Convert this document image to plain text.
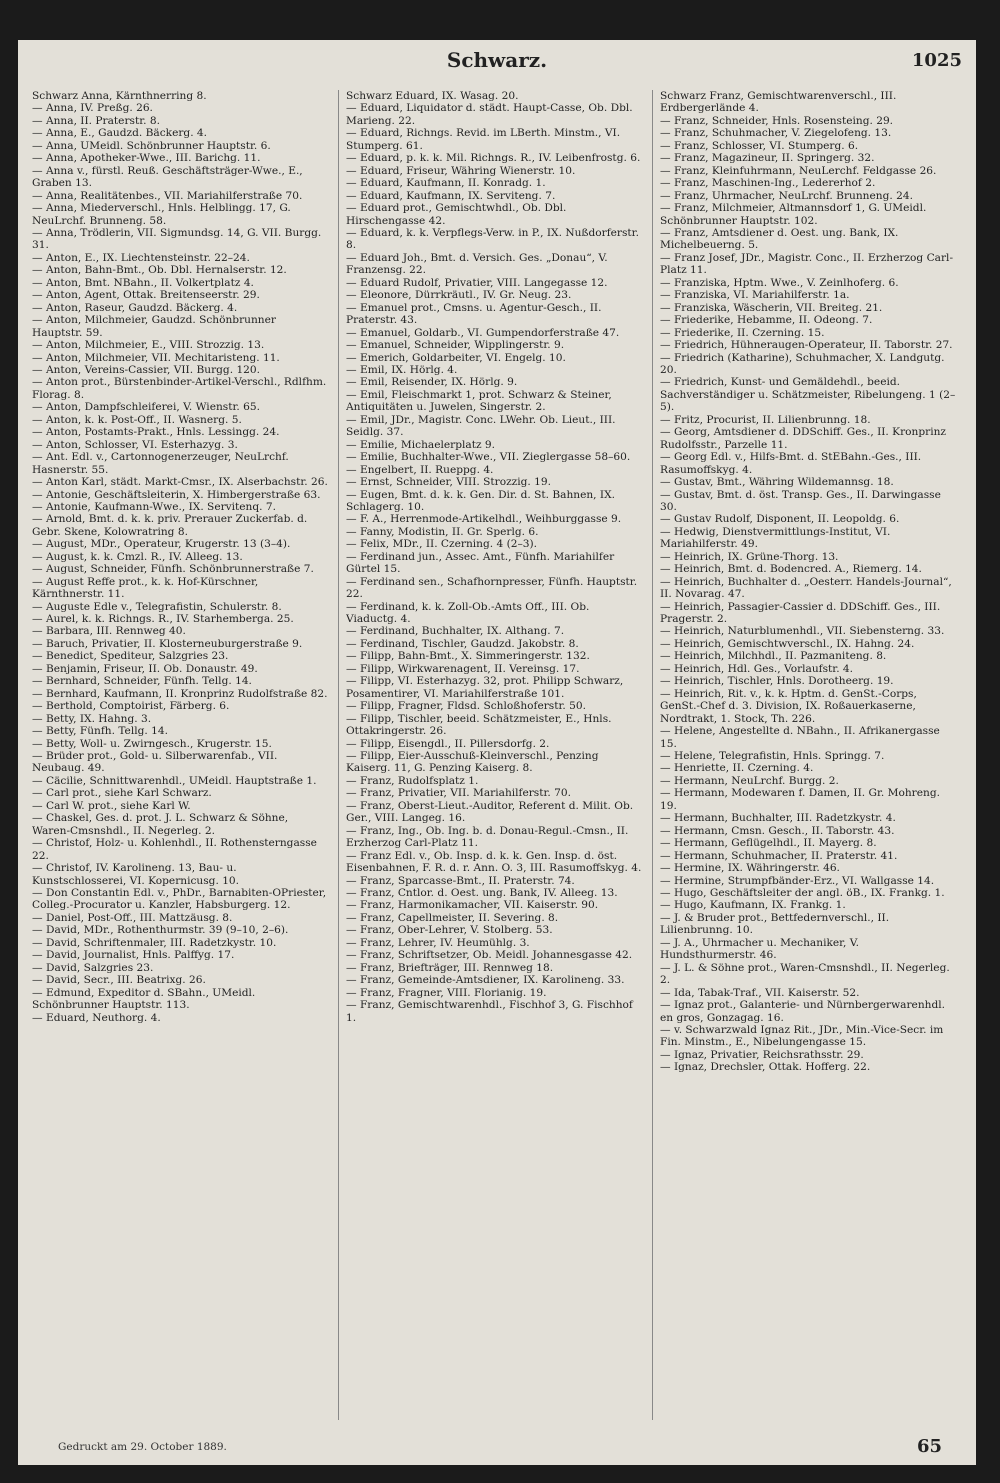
Schwarz.	1025

Schwarz Anna, Kärnthnerring 8.

— Anna, IV. Preßg. 26.

— Anna, II. Praterstr. 8.

— Anna, E., Gaudzd. Bäckerg. 4.

— Anna, UMeidl. Schönbrunner Hauptstr. 6.

— Anna, Apotheker-Wwe., III. Barichg. 11.

— Anna v., fürstl. Reuß. Geschäftsträger-Wwe., E., Graben 13.

— Anna, Realitätenbes., VII. Mariahilferstraße 70.

— Anna, Miederverschl., Hnls. Helblingg. 17, G. NeuLrchf. Brunneng. 58.

— Anna, Trödlerin, VII. Sigmundsg. 14, G. VII. Burgg. 31.

— Anton, E., IX. Liechtensteinstr. 22–24.

— Anton, Bahn-Bmt., Ob. Dbl. Hernalserstr. 12.

— Anton, Bmt. NBahn., II. Volkertplatz 4.

— Anton, Agent, Ottak. Breitenseerstr. 29.

— Anton, Raseur, Gaudzd. Bäckerg. 4.

— Anton, Milchmeier, Gaudzd. Schönbrunner Hauptstr. 59.

— Anton, Milchmeier, E., VIII. Strozzig. 13.

— Anton, Milchmeier, VII. Mechitaristeng. 11.

— Anton, Vereins-Cassier, VII. Burgg. 120.

— Anton prot., Bürstenbinder-Artikel-Verschl., Rdlfhm. Florag. 8.

— Anton, Dampfschleiferei, V. Wienstr. 65.

— Anton, k. k. Post-Off., II. Wasnerg. 5.

— Anton, Postamts-Prakt., Hnls. Lessingg. 24.

— Anton, Schlosser, VI. Esterhazyg. 3.

— Ant. Edl. v., Cartonnogenerzeuger, NeuLrchf. Hasnerstr. 55.

— Anton Karl, städt. Markt-Cmsr., IX. Alserbachstr. 26.

— Antonie, Geschäftsleiterin, X. Himbergerstraße 63.

— Antonie, Kaufmann-Wwe., IX. Servitenq. 7.

— Arnold, Bmt. d. k. k. priv. Prerauer Zuckerfab. d. Gebr. Skene, Kolowratring 8.

— August, MDr., Operateur, Krugerstr. 13 (3–4).

— August, k. k. Cmzl. R., IV. Alleeg. 13.

— August, Schneider, Fünfh. Schönbrunnerstraße 7.

— August Reffe prot., k. k. Hof-Kürschner, Kärnthnerstr. 11.

— Auguste Edle v., Telegrafistin, Schulerstr. 8.

— Aurel, k. k. Richngs. R., IV. Starhemberga. 25.

— Barbara, III. Rennweg 40.

— Baruch, Privatier, II. Klosterneuburgerstraße 9.

— Benedict, Spediteur, Salzgries 23.

— Benjamin, Friseur, II. Ob. Donaustr. 49.

— Bernhard, Schneider, Fünfh. Tellg. 14.

— Bernhard, Kaufmann, II. Kronprinz Rudolfstraße 82.

— Berthold, Comptoirist, Färberg. 6.

— Betty, IX. Hahng. 3.

— Betty, Fünfh. Tellg. 14.

— Betty, Woll- u. Zwirngesch., Krugerstr. 15.

— Brüder prot., Gold- u. Silberwarenfab., VII. Neubaug. 49.

— Cäcilie, Schnittwarenhdl., UMeidl. Hauptstraße 1.

— Carl prot., siehe Karl Schwarz.

— Carl W. prot., siehe Karl W.

— Chaskel, Ges. d. prot. J. L. Schwarz & Söhne, Waren-Cmsnshdl., II. Negerleg. 2.

— Christof, Holz- u. Kohlenhdl., II. Rothensterngasse 22.

— Christof, IV. Karolineng. 13, Bau- u. Kunstschlosserei, VI. Kopernicusg. 10.

— Don Constantin Edl. v., PhDr., Barnabiten-OPriester, Colleg.-Procurator u. Kanzler, Habsburgerg. 12.

— Daniel, Post-Off., III. Mattzäusg. 8.

— David, MDr., Rothenthurmstr. 39 (9–10, 2–6).

— David, Schriftenmaler, III. Radetzkystr. 10.

— David, Journalist, Hnls. Palffyg. 17.

— David, Salzgries 23.

— David, Secr., III. Beatrixg. 26.

— Edmund, Expeditor d. SBahn., UMeidl. Schönbrunner Hauptstr. 113.

— Eduard, Neuthorg. 4.

Schwarz Eduard, IX. Wasag. 20.

— Eduard, Liquidator d. städt. Haupt-Casse, Ob. Dbl. Marieng. 22.

— Eduard, Richngs. Revid. im LBerth. Minstm., VI. Stumperg. 61.

— Eduard, p. k. k. Mil. Richngs. R., IV. Leibenfrostg. 6.

— Eduard, Friseur, Währing Wienerstr. 10.

— Eduard, Kaufmann, II. Konradg. 1.

— Eduard, Kaufmann, IX. Serviteng. 7.

— Eduard prot., Gemischtwhdl., Ob. Dbl. Hirschengasse 42.

— Eduard, k. k. Verpflegs-Verw. in P., IX. Nußdorferstr. 8.

— Eduard Joh., Bmt. d. Versich. Ges. „Donau“, V. Franzensg. 22.

— Eduard Rudolf, Privatier, VIII. Langegasse 12.

— Eleonore, Dürrkräutl., IV. Gr. Neug. 23.

— Emanuel prot., Cmsns. u. Agentur-Gesch., II. Praterstr. 43.

— Emanuel, Goldarb., VI. Gumpendorferstraße 47.

— Emanuel, Schneider, Wipplingerstr. 9.

— Emerich, Goldarbeiter, VI. Engelg. 10.

— Emil, IX. Hörlg. 4.

— Emil, Reisender, IX. Hörlg. 9.

— Emil, Fleischmarkt 1, prot. Schwarz & Steiner, Antiquitäten u. Juwelen, Singerstr. 2.

— Emil, JDr., Magistr. Conc. LWehr. Ob. Lieut., III. Seidlg. 37.

— Emilie, Michaelerplatz 9.

— Emilie, Buchhalter-Wwe., VII. Zieglergasse 58–60.

— Engelbert, II. Rueppg. 4.

— Ernst, Schneider, VIII. Strozzig. 19.

— Eugen, Bmt. d. k. k. Gen. Dir. d. St. Bahnen, IX. Schlagerg. 10.

— F. A., Herrenmode-Artikelhdl., Weihburggasse 9.

— Fanny, Modistin, II. Gr. Sperlg. 6.

— Felix, MDr., II. Czerning. 4 (2–3).

— Ferdinand jun., Assec. Amt., Fünfh. Mariahilfer Gürtel 15.

— Ferdinand sen., Schafhornpresser, Fünfh. Hauptstr. 22.

— Ferdinand, k. k. Zoll-Ob.-Amts Off., III. Ob. Viaductg. 4.

— Ferdinand, Buchhalter, IX. Althang. 7.

— Ferdinand, Tischler, Gaudzd. Jakobstr. 8.

— Filipp, Bahn-Bmt., X. Simmeringerstr. 132.

— Filipp, Wirkwarenagent, II. Vereinsg. 17.

— Filipp, VI. Esterhazyg. 32, prot. Philipp Schwarz, Posamentirer, VI. Mariahilferstraße 101.

— Filipp, Fragner, Fldsd. Schloßhoferstr. 50.

— Filipp, Tischler, beeid. Schätzmeister, E., Hnls. Ottakringerstr. 26.

— Filipp, Eisengdl., II. Pillersdorfg. 2.

— Filipp, Eier-Ausschuß-Kleinverschl., Penzing Kaiserg. 11, G. Penzing Kaiserg. 8.

— Franz, Rudolfsplatz 1.

— Franz, Privatier, VII. Mariahilferstr. 70.

— Franz, Oberst-Lieut.-Auditor, Referent d. Milit. Ob. Ger., VIII. Langeg. 16.

— Franz, Ing., Ob. Ing. b. d. Donau-Regul.-Cmsn., II. Erzherzog Carl-Platz 11.

— Franz Edl. v., Ob. Insp. d. k. k. Gen. Insp. d. öst. Eisenbahnen, F. R. d. r. Ann. O. 3, III. Rasumoffskyg. 4.

— Franz, Sparcasse-Bmt., II. Praterstr. 74.

— Franz, Cntlor. d. Oest. ung. Bank, IV. Alleeg. 13.

— Franz, Harmonikamacher, VII. Kaiserstr. 90.

— Franz, Capellmeister, II. Severing. 8.

— Franz, Ober-Lehrer, V. Stolberg. 53.

— Franz, Lehrer, IV. Heumühlg. 3.

— Franz, Schriftsetzer, Ob. Meidl. Johannesgasse 42.

— Franz, Briefträger, III. Rennweg 18.

— Franz, Gemeinde-Amtsdiener, IX. Karolineng. 33.

— Franz, Fragner, VIII. Florianig. 19.

— Franz, Gemischtwarenhdl., Fischhof 3, G. Fischhof 1.

Schwarz Franz, Gemischtwarenverschl., III. Erdbergerlände 4.

— Franz, Schneider, Hnls. Rosensteing. 29.

— Franz, Schuhmacher, V. Ziegelofeng. 13.

— Franz, Schlosser, VI. Stumperg. 6.

— Franz, Magazineur, II. Springerg. 32.

— Franz, Kleinfuhrmann, NeuLerchf. Feldgasse 26.

— Franz, Maschinen-Ing., Ledererhof 2.

— Franz, Uhrmacher, NeuLrchf. Brunneng. 24.

— Franz, Milchmeier, Altmannsdorf 1, G. UMeidl. Schönbrunner Hauptstr. 102.

— Franz, Amtsdiener d. Oest. ung. Bank, IX. Michelbeuerng. 5.

— Franz Josef, JDr., Magistr. Conc., II. Erzherzog Carl-Platz 11.

— Franziska, Hptm. Wwe., V. Zeinlhoferg. 6.

— Franziska, VI. Mariahilferstr. 1a.

— Franziska, Wäscherin, VII. Breiteg. 21.

— Friederike, Hebamme, II. Odeong. 7.

— Friederike, II. Czerning. 15.

— Friedrich, Hühneraugen-Operateur, II. Taborstr. 27.

— Friedrich (Katharine), Schuhmacher, X. Landgutg. 20.

— Friedrich, Kunst- und Gemäldehdl., beeid. Sachverständiger u. Schätzmeister, Ribelungeng. 1 (2–5).

— Fritz, Procurist, II. Lilienbrunng. 18.

— Georg, Amtsdiener d. DDSchiff. Ges., II. Kronprinz Rudolfsstr., Parzelle 11.

— Georg Edl. v., Hilfs-Bmt. d. StEBahn.-Ges., III. Rasumoffskyg. 4.

— Gustav, Bmt., Währing Wildemannsg. 18.

— Gustav, Bmt. d. öst. Transp. Ges., II. Darwingasse 30.

— Gustav Rudolf, Disponent, II. Leopoldg. 6.

— Hedwig, Dienstvermittlungs-Institut, VI. Mariahilferstr. 49.

— Heinrich, IX. Grüne-Thorg. 13.

— Heinrich, Bmt. d. Bodencred. A., Riemerg. 14.

— Heinrich, Buchhalter d. „Oesterr. Handels-Journal“, II. Novarag. 47.

— Heinrich, Passagier-Cassier d. DDSchiff. Ges., III. Pragerstr. 2.

— Heinrich, Naturblumenhdl., VII. Siebensterng. 33.

— Heinrich, Gemischtwverschl., IX. Hahng. 24.

— Heinrich, Milchhdl., II. Pazmaniteng. 8.

— Heinrich, Hdl. Ges., Vorlaufstr. 4.

— Heinrich, Tischler, Hnls. Dorotheerg. 19.

— Heinrich, Rit. v., k. k. Hptm. d. GenSt.-Corps, GenSt.-Chef d. 3. Division, IX. Roßauerkaserne, Nordtrakt, 1. Stock, Th. 226.

— Helene, Angestellte d. NBahn., II. Afrikanergasse 15.

— Helene, Telegrafistin, Hnls. Springg. 7.

— Henriette, II. Czerning. 4.

— Hermann, NeuLrchf. Burgg. 2.

— Hermann, Modewaren f. Damen, II. Gr. Mohreng. 19.

— Hermann, Buchhalter, III. Radetzkystr. 4.

— Hermann, Cmsn. Gesch., II. Taborstr. 43.

— Hermann, Geflügelhdl., II. Mayerg. 8.

— Hermann, Schuhmacher, II. Praterstr. 41.

— Hermine, IX. Währingerstr. 46.

— Hermine, Strumpfbänder-Erz., VI. Wallgasse 14.

— Hugo, Geschäftsleiter der angl. öB., IX. Frankg. 1.

— Hugo, Kaufmann, IX. Frankg. 1.

— J. & Bruder prot., Bettfedernverschl., II. Lilienbrunng. 10.

— J. A., Uhrmacher u. Mechaniker, V. Hundsthurmerstr. 46.

— J. L. & Söhne prot., Waren-Cmsnshdl., II. Negerleg. 2.

— Ida, Tabak-Traf., VII. Kaiserstr. 52.

— Ignaz prot., Galanterie- und Nürnbergerwarenhdl. en gros, Gonzagag. 16.

— v. Schwarzwald Ignaz Rit., JDr., Min.-Vice-Secr. im Fin. Minstm., E., Nibelungengasse 15.

— Ignaz, Privatier, Reichsrathsstr. 29.

— Ignaz, Drechsler, Ottak. Hofferg. 22.

Gedruckt am 29. October 1889.	65
